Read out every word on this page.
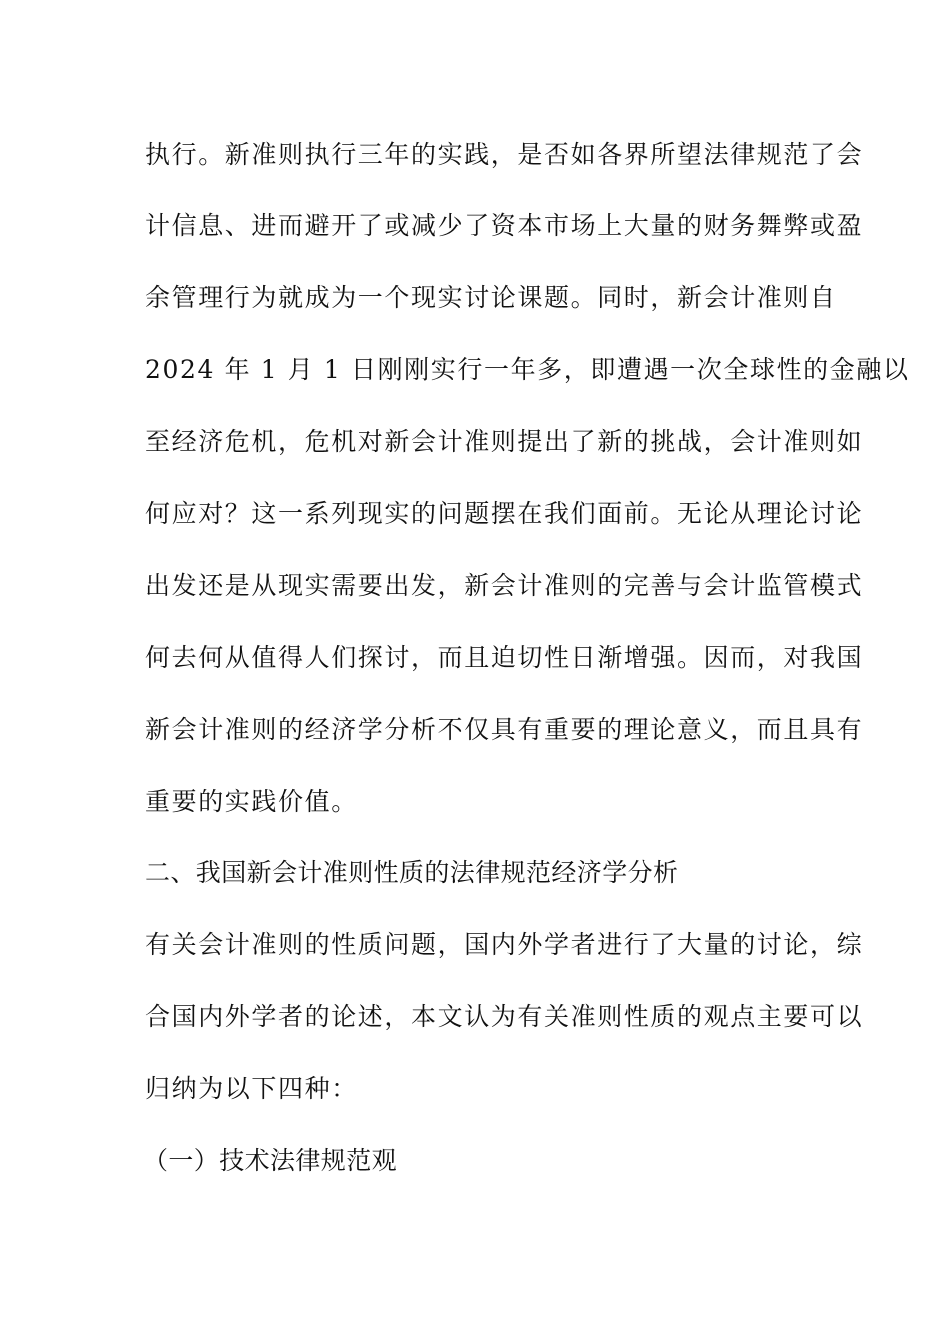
执行。新准则执行三年的实践，是否如各界所望法律规范了会
计信息、进而避开了或减少了资本市场上大量的财务舞弊或盈
余管理行为就成为一个现实讨论课题。同时，新会计准则自
2024 年 1 月 1 日刚刚实行一年多，即遭遇一次全球性的金融以
至经济危机，危机对新会计准则提出了新的挑战，会计准则如
何应对？这一系列现实的问题摆在我们面前。无论从理论讨论
出发还是从现实需要出发，新会计准则的完善与会计监管模式
何去何从值得人们探讨，而且迫切性日渐增强。因而，对我国
新会计准则的经济学分析不仅具有重要的理论意义，而且具有
重要的实践价值。
二、我国新会计准则性质的法律规范经济学分析
有关会计准则的性质问题，国内外学者进行了大量的讨论，综
合国内外学者的论述，本文认为有关准则性质的观点主要可以
归纳为以下四种：
（一）技术法律规范观
